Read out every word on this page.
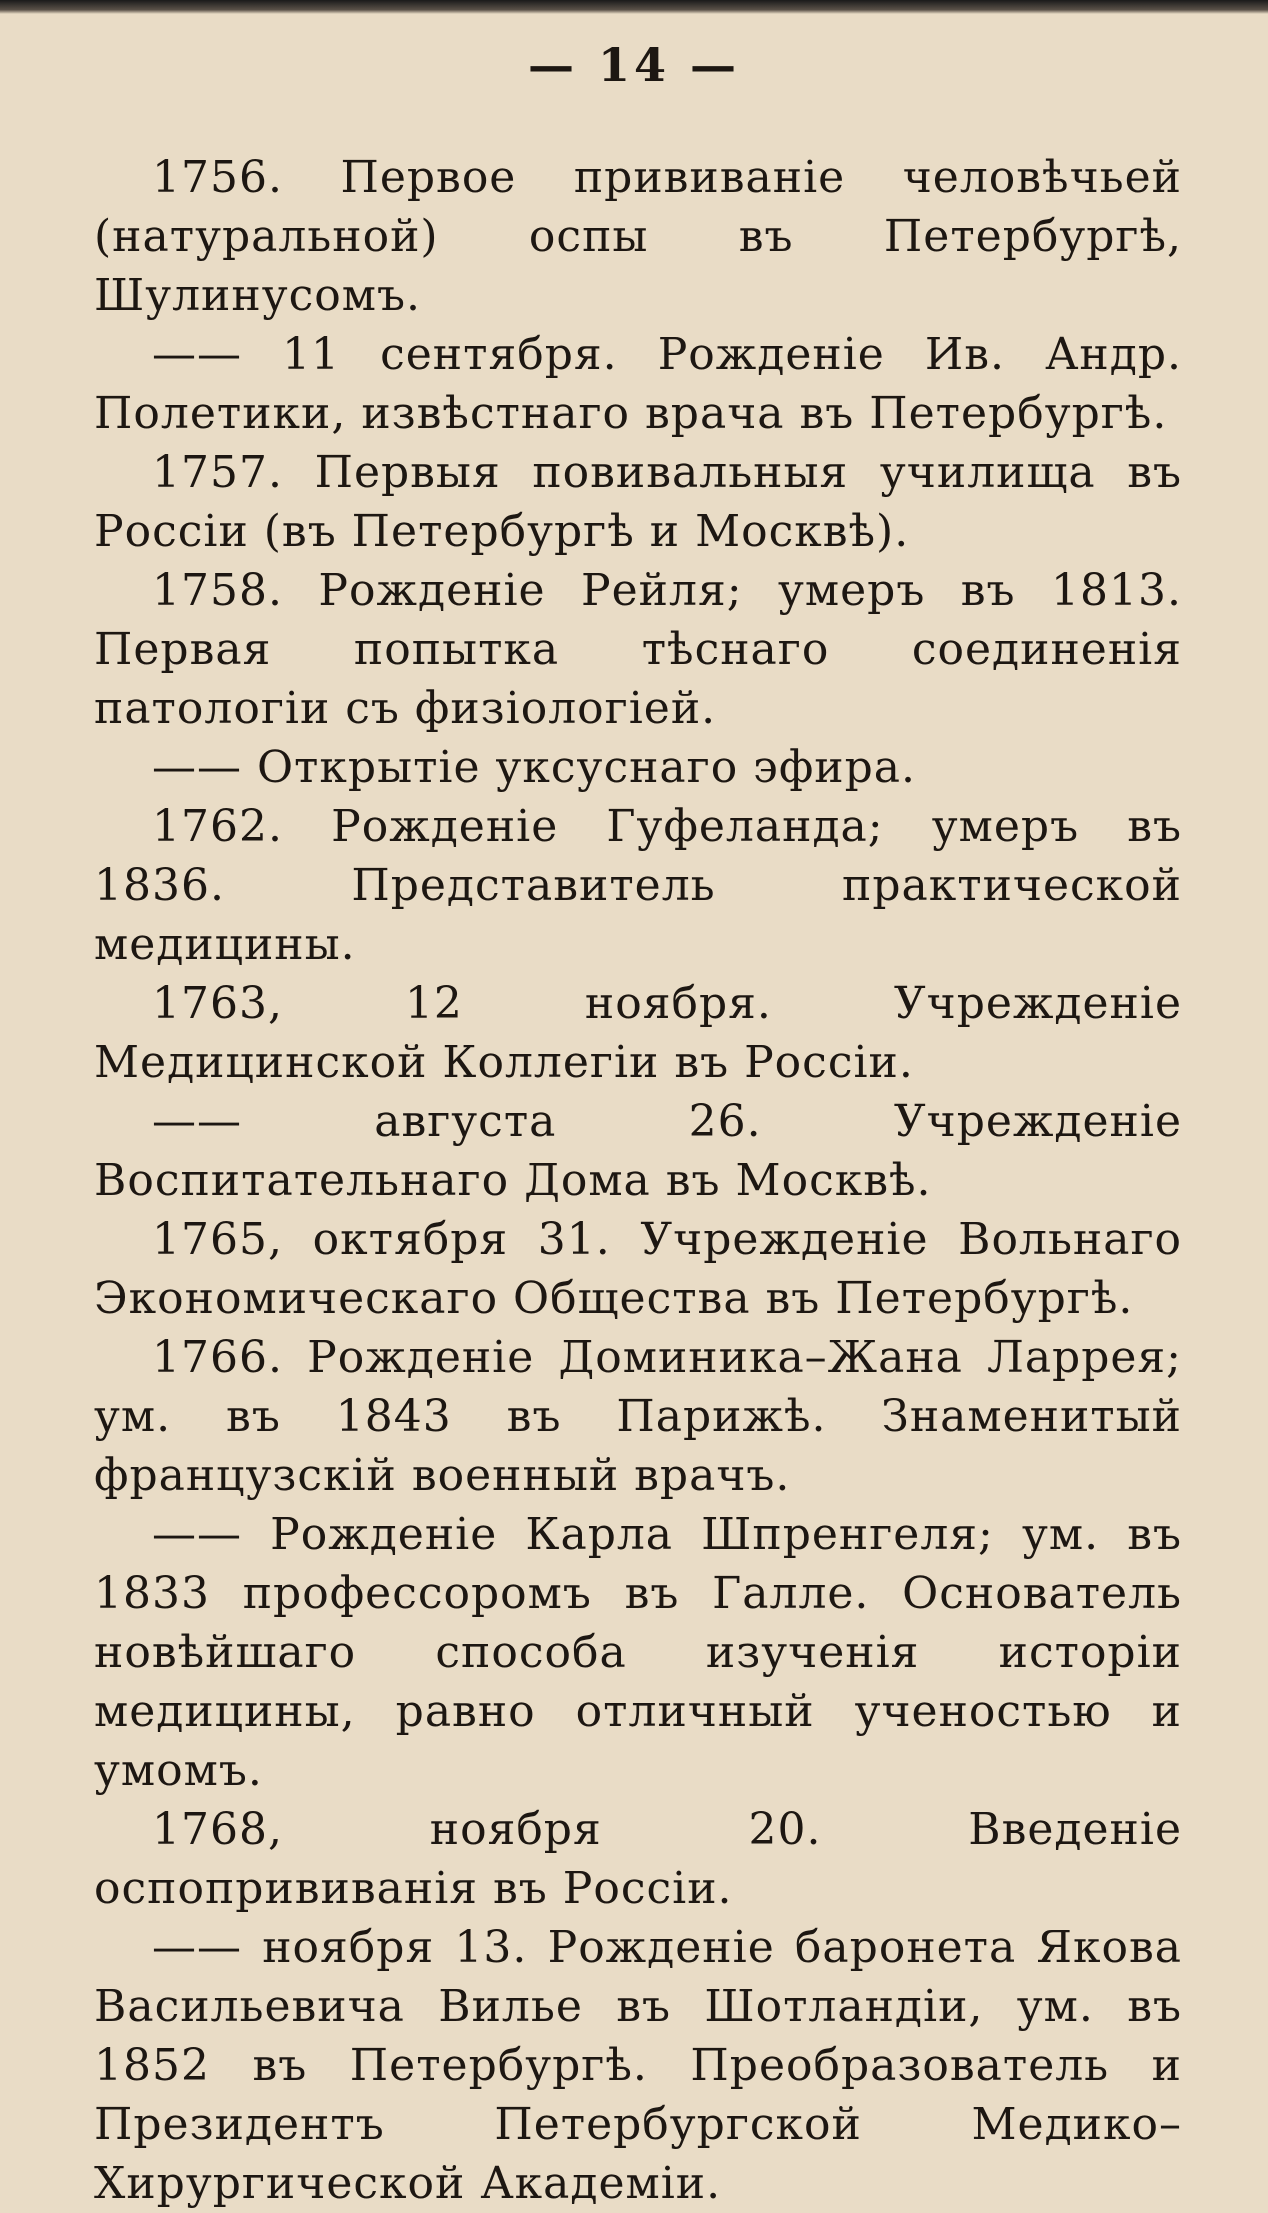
— 14 —

1756. Первое прививаніе человѣчьей (натуральной) оспы въ Петербургѣ, Шулинусомъ.

—— 11 сентября. Рожденіе Ив. Андр. Полетики, извѣстнаго врача въ Петербургѣ.

1757. Первыя повивальныя училища въ Россіи (въ Петербургѣ и Москвѣ).

1758. Рожденіе Рейля; умеръ въ 1813. Первая попытка тѣснаго соединенія патологіи съ физіологіей.

—— Открытіе уксуснаго эфира.

1762. Рожденіе Гуфеланда; умеръ въ 1836. Представитель практической медицины.

1763, 12 ноября. Учрежденіе Медицинской Коллегіи въ Россіи.

—— августа 26. Учрежденіе Воспитательнаго Дома въ Москвѣ.

1765, октября 31. Учрежденіе Вольнаго Экономическаго Общества въ Петербургѣ.

1766. Рожденіе Доминика–Жана Ларрея; ум. въ 1843 въ Парижѣ. Знаменитый французскій военный врачъ.

—— Рожденіе Карла Шпренгеля; ум. въ 1833 профессоромъ въ Галле. Основатель новѣйшаго способа изученія исторіи медицины, равно отличный ученостью и умомъ.

1768, ноября 20. Введеніе оспопрививанія въ Россіи.

—— ноября 13. Рожденіе баронета Якова Васильевича Вилье въ Шотландіи, ум. въ 1852 въ Петербургѣ. Преобразователь и Президентъ Петербургской Медико–Хирургической Академіи.
